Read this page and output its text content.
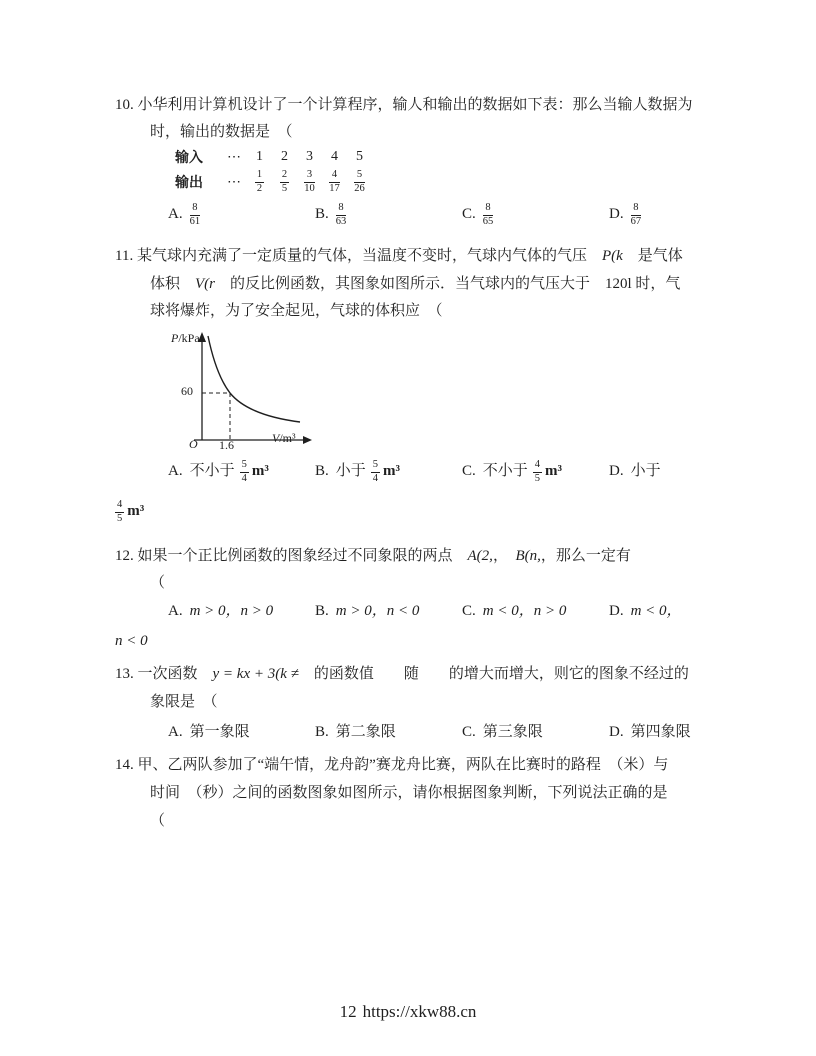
10. 小华利用计算机设计了一个计算程序，输人和输出的数据如下表：那么当输人数据为

时，输出的数据是　（

输入	⋯	1	2	3	4	5
输出	⋯	$\frac{1}{2} \frac{2}{5} \frac{3}{10} \frac{4}{17} \frac{5}{26}$
A. $\frac{8}{61}$	B. $\frac{8}{63}$	C. $\frac{8}{65}$	D. $\frac{8}{67}$

11. 某气球内充满了一定质量的气体，当温度不变时，气球内气体的气压　P(k　是气体

体积　V(r　的反比例函数，其图象如图所示．当气球内的气压大于　120l 时，气

球将爆炸，为了安全起见，气球的体积应　（

P/kPa
60
O 1.6	V/m³
A. 不小于 $\frac{5}{4} m^3$	B. 小于 $\frac{5}{4} m^3$	C. 不小于 $\frac{4}{5} m^3$	D. 小于

$\frac{4}{5} m^3$

12. 如果一个正比例函数的图象经过不同象限的两点　A(2,，　B(n,，那么一定有

（

A. m > 0，n > 0	B. m > 0，n < 0	C. m < 0，n > 0	D. m < 0，

n < 0

13. 一次函数　y = kx + 3(k ≠　的函数值　　随　　的增大而增大，则它的图象不经过的

象限是　（

A. 第一象限	B. 第二象限	C. 第三象限	D. 第四象限

14. 甲、乙两队参加了“端午情，龙舟韵”赛龙舟比赛，两队在比赛时的路程　（米）与

时间　（秒）之间的函数图象如图所示，请你根据图象判断，下列说法正确的是

（

12 https://xkw88.cn
